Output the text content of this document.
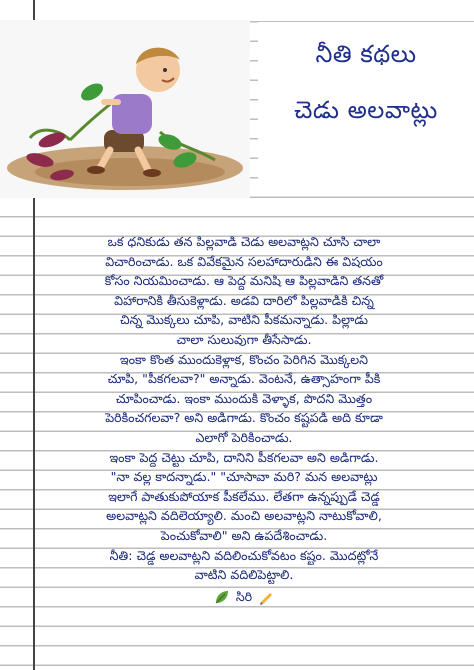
నీతి కథలు
చెడు అలవాట్లు
ఒక ధనికుడు తన పిల్లవాడి చెడు అలవాట్లని చూసి చాలా
విచారించాడు. ఒక వివేకమైన సలహాదారుడిని ఈ విషయం
కోసం నియమించాడు. ఆ పెద్ద మనిషి ఆ పిల్లవాడిని తనతో
విహారానికి తీసుకెళ్లాడు. అడవి దారిలో పిల్లవాడికి చిన్న
చిన్న మొక్కలు చూపి, వాటిని పీకమన్నాడు. పిల్లాడు
చాలా సులువుగా తీసేసాడు.
ఇంకా కొంత ముందుకెళ్లాక, కొంచం పెరిగిన మొక్కలని
చూపి, "పీకగలవా?" అన్నాడు. వెంటనే, ఉత్సాహంగా పీకి
చూపించాడు. ఇంకా ముందుకి వెళ్ళాక, పొదని మొత్తం
పెరికించగలవా? అని అడిగాడు. కొంచం కష్టపడి అది కూడా
ఎలాగో పెరికించాడు.
ఇంకా పెద్ద చెట్టు చూపి, దానిని పీకగలవా అని అడిగాడు.
"నా వల్ల కాదన్నాడు." "చూసావా మరి? మన అలవాట్లు
ఇలాగే పాతుకుపోయాక పీకలేము. లేతగా ఉన్నప్పుడే చెడ్డ
అలవాట్లని వదిలెయ్యాలి. మంచి అలవాట్లని నాటుకోవాలి,
పెంచుకోవాలి" అని ఉపదేశించాడు.
నీతి: చెడ్డ అలవాట్లని వదిలించుకోవటం కష్టం. మొదట్లోనే
వాటిని వదిలిపెట్టాలి.
సిరి
